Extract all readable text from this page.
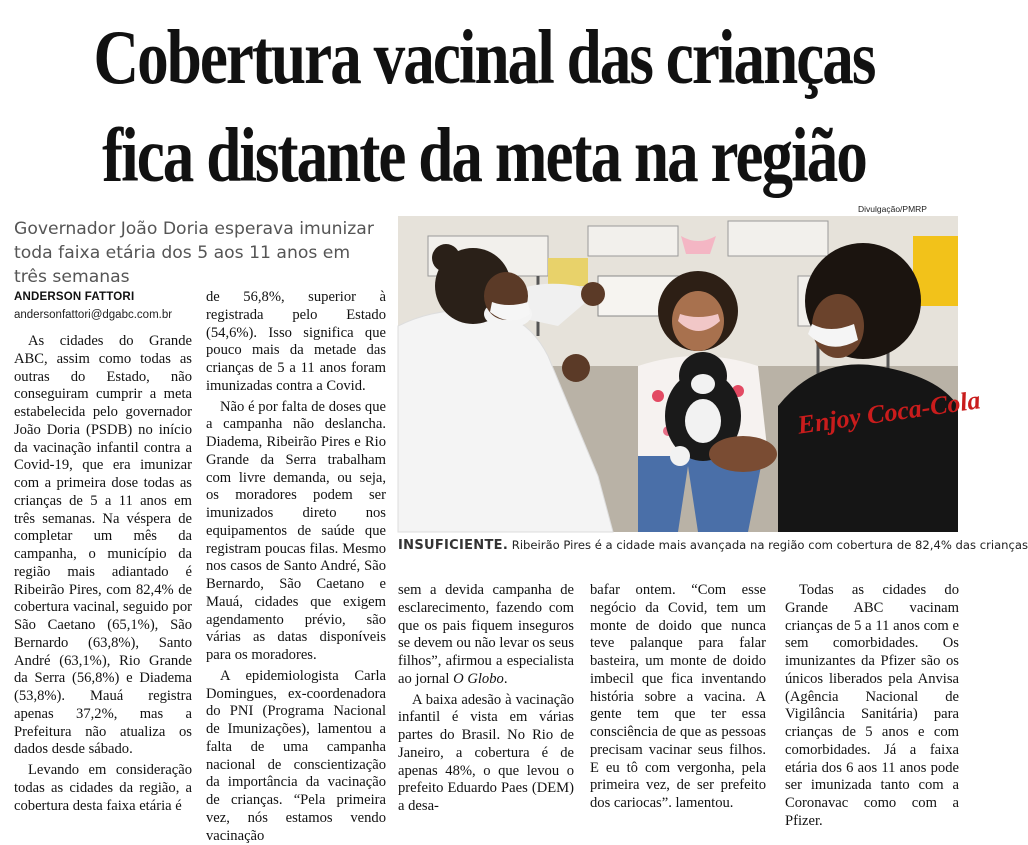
Cobertura vacinal das crianças
fica distante da meta na região
Governador João Doria esperava imunizar toda faixa etária dos 5 aos 11 anos em três semanas
ANDERSON FATTORI
andersonfattori@dgabc.com.br

As cidades do Grande ABC, assim como todas as outras do Estado, não conseguiram cumprir a meta estabelecida pelo governador João Doria (PSDB) no início da vacinação infantil contra a Covid-19, que era imunizar com a primeira dose todas as crianças de 5 a 11 anos em três semanas. Na véspera de completar um mês da campanha, o município da região mais adiantado é Ribeirão Pires, com 82,4% de cobertura vacinal, seguido por São Caetano (65,1%), São Bernardo (63,8%), Santo André (63,1%), Rio Grande da Serra (56,8%) e Diadema (53,8%). Mauá registra apenas 37,2%, mas a Prefeitura não atualiza os dados desde sábado.

Levando em consideração todas as cidades da região, a cobertura desta faixa etária é

de 56,8%, superior à registrada pelo Estado (54,6%). Isso significa que pouco mais da metade das crianças de 5 a 11 anos foram imunizadas contra a Covid.

Não é por falta de doses que a campanha não deslancha. Diadema, Ribeirão Pires e Rio Grande da Serra trabalham com livre demanda, ou seja, os moradores podem ser imunizados direto nos equipamentos de saúde que registram poucas filas. Mesmo nos casos de Santo André, São Bernardo, São Caetano e Mauá, cidades que exigem agendamento prévio, são várias as datas disponíveis para os moradores.

A epidemiologista Carla Domingues, ex-coordenadora do PNI (Programa Nacional de Imunizações), lamentou a falta de uma campanha nacional de conscientização da importância da vacinação de crianças. “Pela primeira vez, nós estamos vendo vacinação

Divulgação/PMRP
Enjoy Coca-Cola
INSUFICIENTE. Ribeirão Pires é a cidade mais avançada na região com cobertura de 82,4% das crianças

sem a devida campanha de esclarecimento, fazendo com que os pais fiquem inseguros se devem ou não levar os seus filhos”, afirmou a especialista ao jornal O Globo.

A baixa adesão à vacinação infantil é vista em várias partes do Brasil. No Rio de Janeiro, a cobertura é de apenas 48%, o que levou o prefeito Eduardo Paes (DEM) a desa-

bafar ontem. “Com esse negócio da Covid, tem um monte de doido que nunca teve palanque para falar basteira, um monte de doido imbecil que fica inventando história sobre a vacina. A gente tem que ter essa consciência de que as pessoas precisam vacinar seus filhos. E eu tô com vergonha, pela primeira vez, de ser prefeito dos cariocas”. lamentou.

Todas as cidades do Grande ABC vacinam crianças de 5 a 11 anos com e sem comorbidades. Os imunizantes da Pfizer são os únicos liberados pela Anvisa (Agência Nacional de Vigilância Sanitária) para crianças de 5 anos e com comorbidades. Já a faixa etária dos 6 aos 11 anos pode ser imunizada tanto com a Coronavac como com a Pfizer.
